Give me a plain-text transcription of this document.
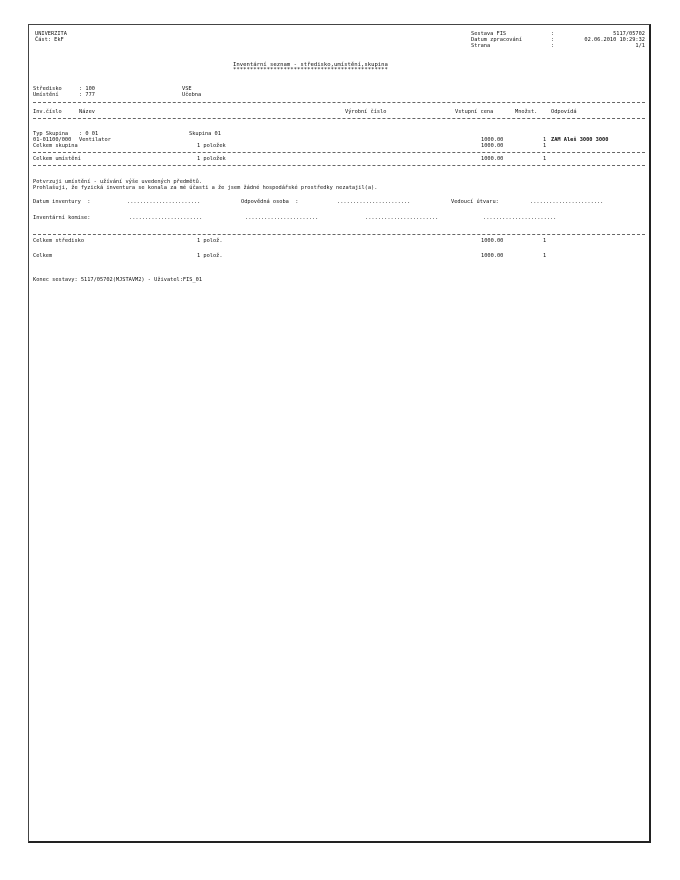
UNIVERZITA
Část: EkF
Sestava FIS	:	5117/05702
Datum zpracování	:	02.06.2010 10:29:32
Strana	:	1/1
Inventární seznam - středisko,umístění,skupina
**********************************************
Středisko	: 100	VSE
Umístění	: 777	Učebna
Inv.číslo	Název	Výrobní číslo	Vstupní cena	Množst.	Odpovídá
Typ Skupina : 0 01	Skupina 01
01-01100/000 Ventilator	1000.00	1 ZAM Aleš 3000 3000
Celkem skupina	1 položek	1000.00	1
Celkem umístění	1 položek	1000.00	1
Potvrzuji umístění - užívání výše uvedených předmětů.
Prohlašuji, že fyzická inventura se konala za mé účasti a že jsem žádné hospodářské prostředky nezatajil(a).
Datum inventury  :	.......................	Odpovědná osoba  :	.......................	Vedoucí útvaru:	.......................
Inventární komise:	.......................	.......................	.......................	.......................
Celkem středisko	1 polož.	1000.00	1
Celkem	1 polož.	1000.00	1
Konec sestavy: 5117/05702(MJSTAVM2) - Uživatel:FIS_01
